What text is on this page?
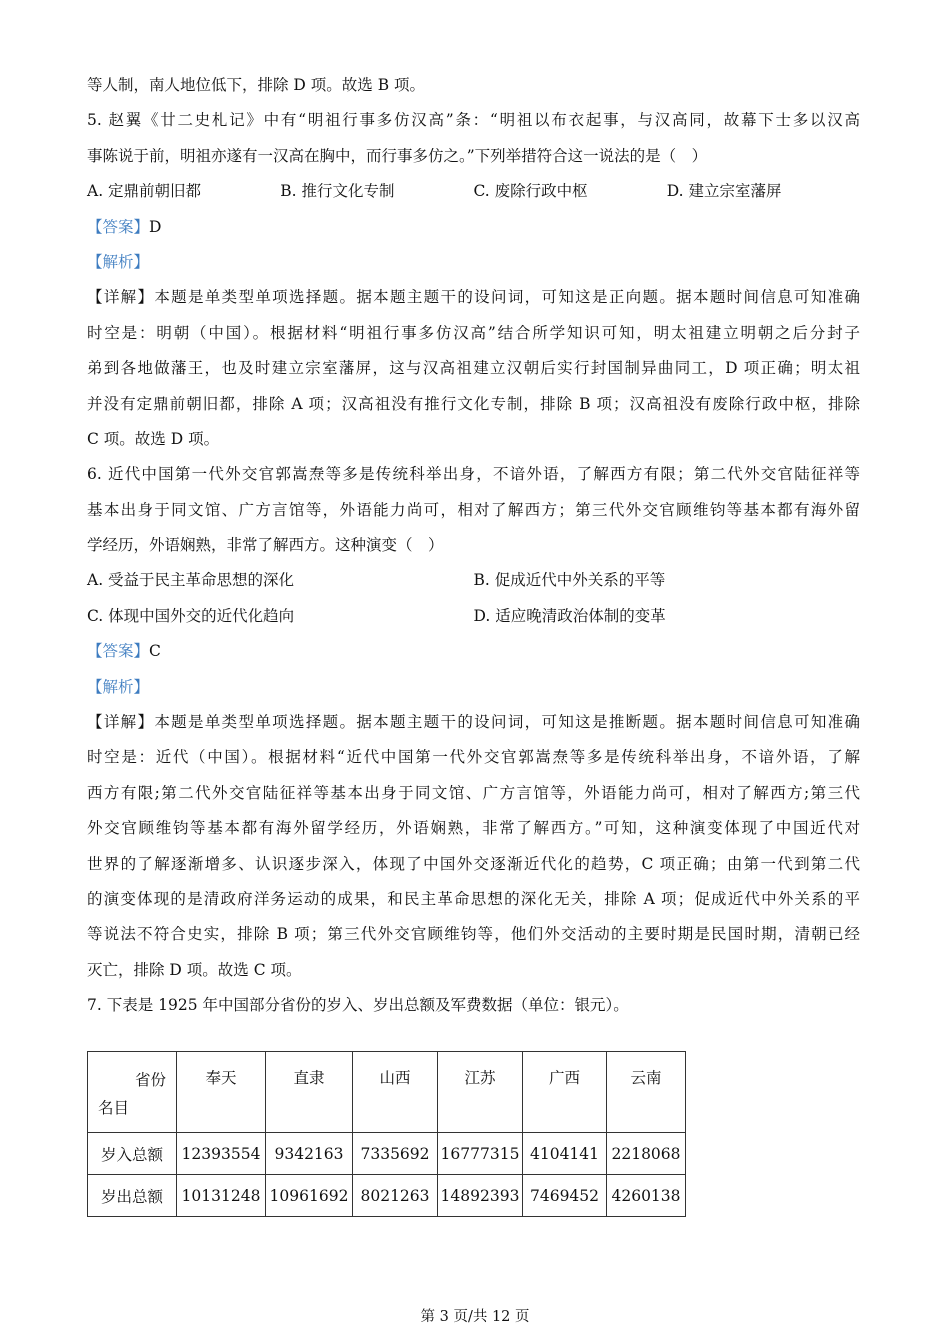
等人制，南人地位低下，排除 D 项。故选 B 项。
5. 赵翼《廿二史札记》中有“明祖行事多仿汉高”条：“明祖以布衣起事，与汉高同，故幕下士多以汉高
事陈说于前，明祖亦遂有一汉高在胸中，而行事多仿之。”下列举措符合这一说法的是（　）
A. 定鼎前朝旧都	B. 推行文化专制	C. 废除行政中枢	D. 建立宗室藩屏
【答案】D
【解析】
【详解】本题是单类型单项选择题。据本题主题干的设问词，可知这是正向题。据本题时间信息可知准确
时空是：明朝（中国）。根据材料“明祖行事多仿汉高”结合所学知识可知，明太祖建立明朝之后分封子
弟到各地做藩王，也及时建立宗室藩屏，这与汉高祖建立汉朝后实行封国制异曲同工，D 项正确；明太祖
并没有定鼎前朝旧都，排除 A 项；汉高祖没有推行文化专制，排除 B 项；汉高祖没有废除行政中枢，排除
C 项。故选 D 项。
6. 近代中国第一代外交官郭嵩焘等多是传统科举出身，不谙外语，了解西方有限；第二代外交官陆征祥等
基本出身于同文馆、广方言馆等，外语能力尚可，相对了解西方；第三代外交官顾维钧等基本都有海外留
学经历，外语娴熟，非常了解西方。这种演变（　）
A. 受益于民主革命思想的深化	B. 促成近代中外关系的平等
C. 体现中国外交的近代化趋向	D. 适应晚清政治体制的变革
【答案】C
【解析】
【详解】本题是单类型单项选择题。据本题主题干的设问词，可知这是推断题。据本题时间信息可知准确
时空是：近代（中国）。根据材料“近代中国第一代外交官郭嵩焘等多是传统科举出身，不谙外语，了解
西方有限;第二代外交官陆征祥等基本出身于同文馆、广方言馆等，外语能力尚可，相对了解西方;第三代
外交官顾维钧等基本都有海外留学经历，外语娴熟，非常了解西方。”可知，这种演变体现了中国近代对
世界的了解逐渐增多、认识逐步深入，体现了中国外交逐渐近代化的趋势，C 项正确；由第一代到第二代
的演变体现的是清政府洋务运动的成果，和民主革命思想的深化无关，排除 A 项；促成近代中外关系的平
等说法不符合史实，排除 B 项；第三代外交官顾维钧等，他们外交活动的主要时期是民国时期，清朝已经
灭亡，排除 D 项。故选 C 项。
7. 下表是 1925 年中国部分省份的岁入、岁出总额及军费数据（单位：银元）。
省份
名目	奉天	直隶	山西	江苏	广西	云南
岁入总额	12393554	9342163	7335692	16777315	4104141	2218068
岁出总额	10131248	10961692	8021263	14892393	7469452	4260138
第 3 页/共 12 页
